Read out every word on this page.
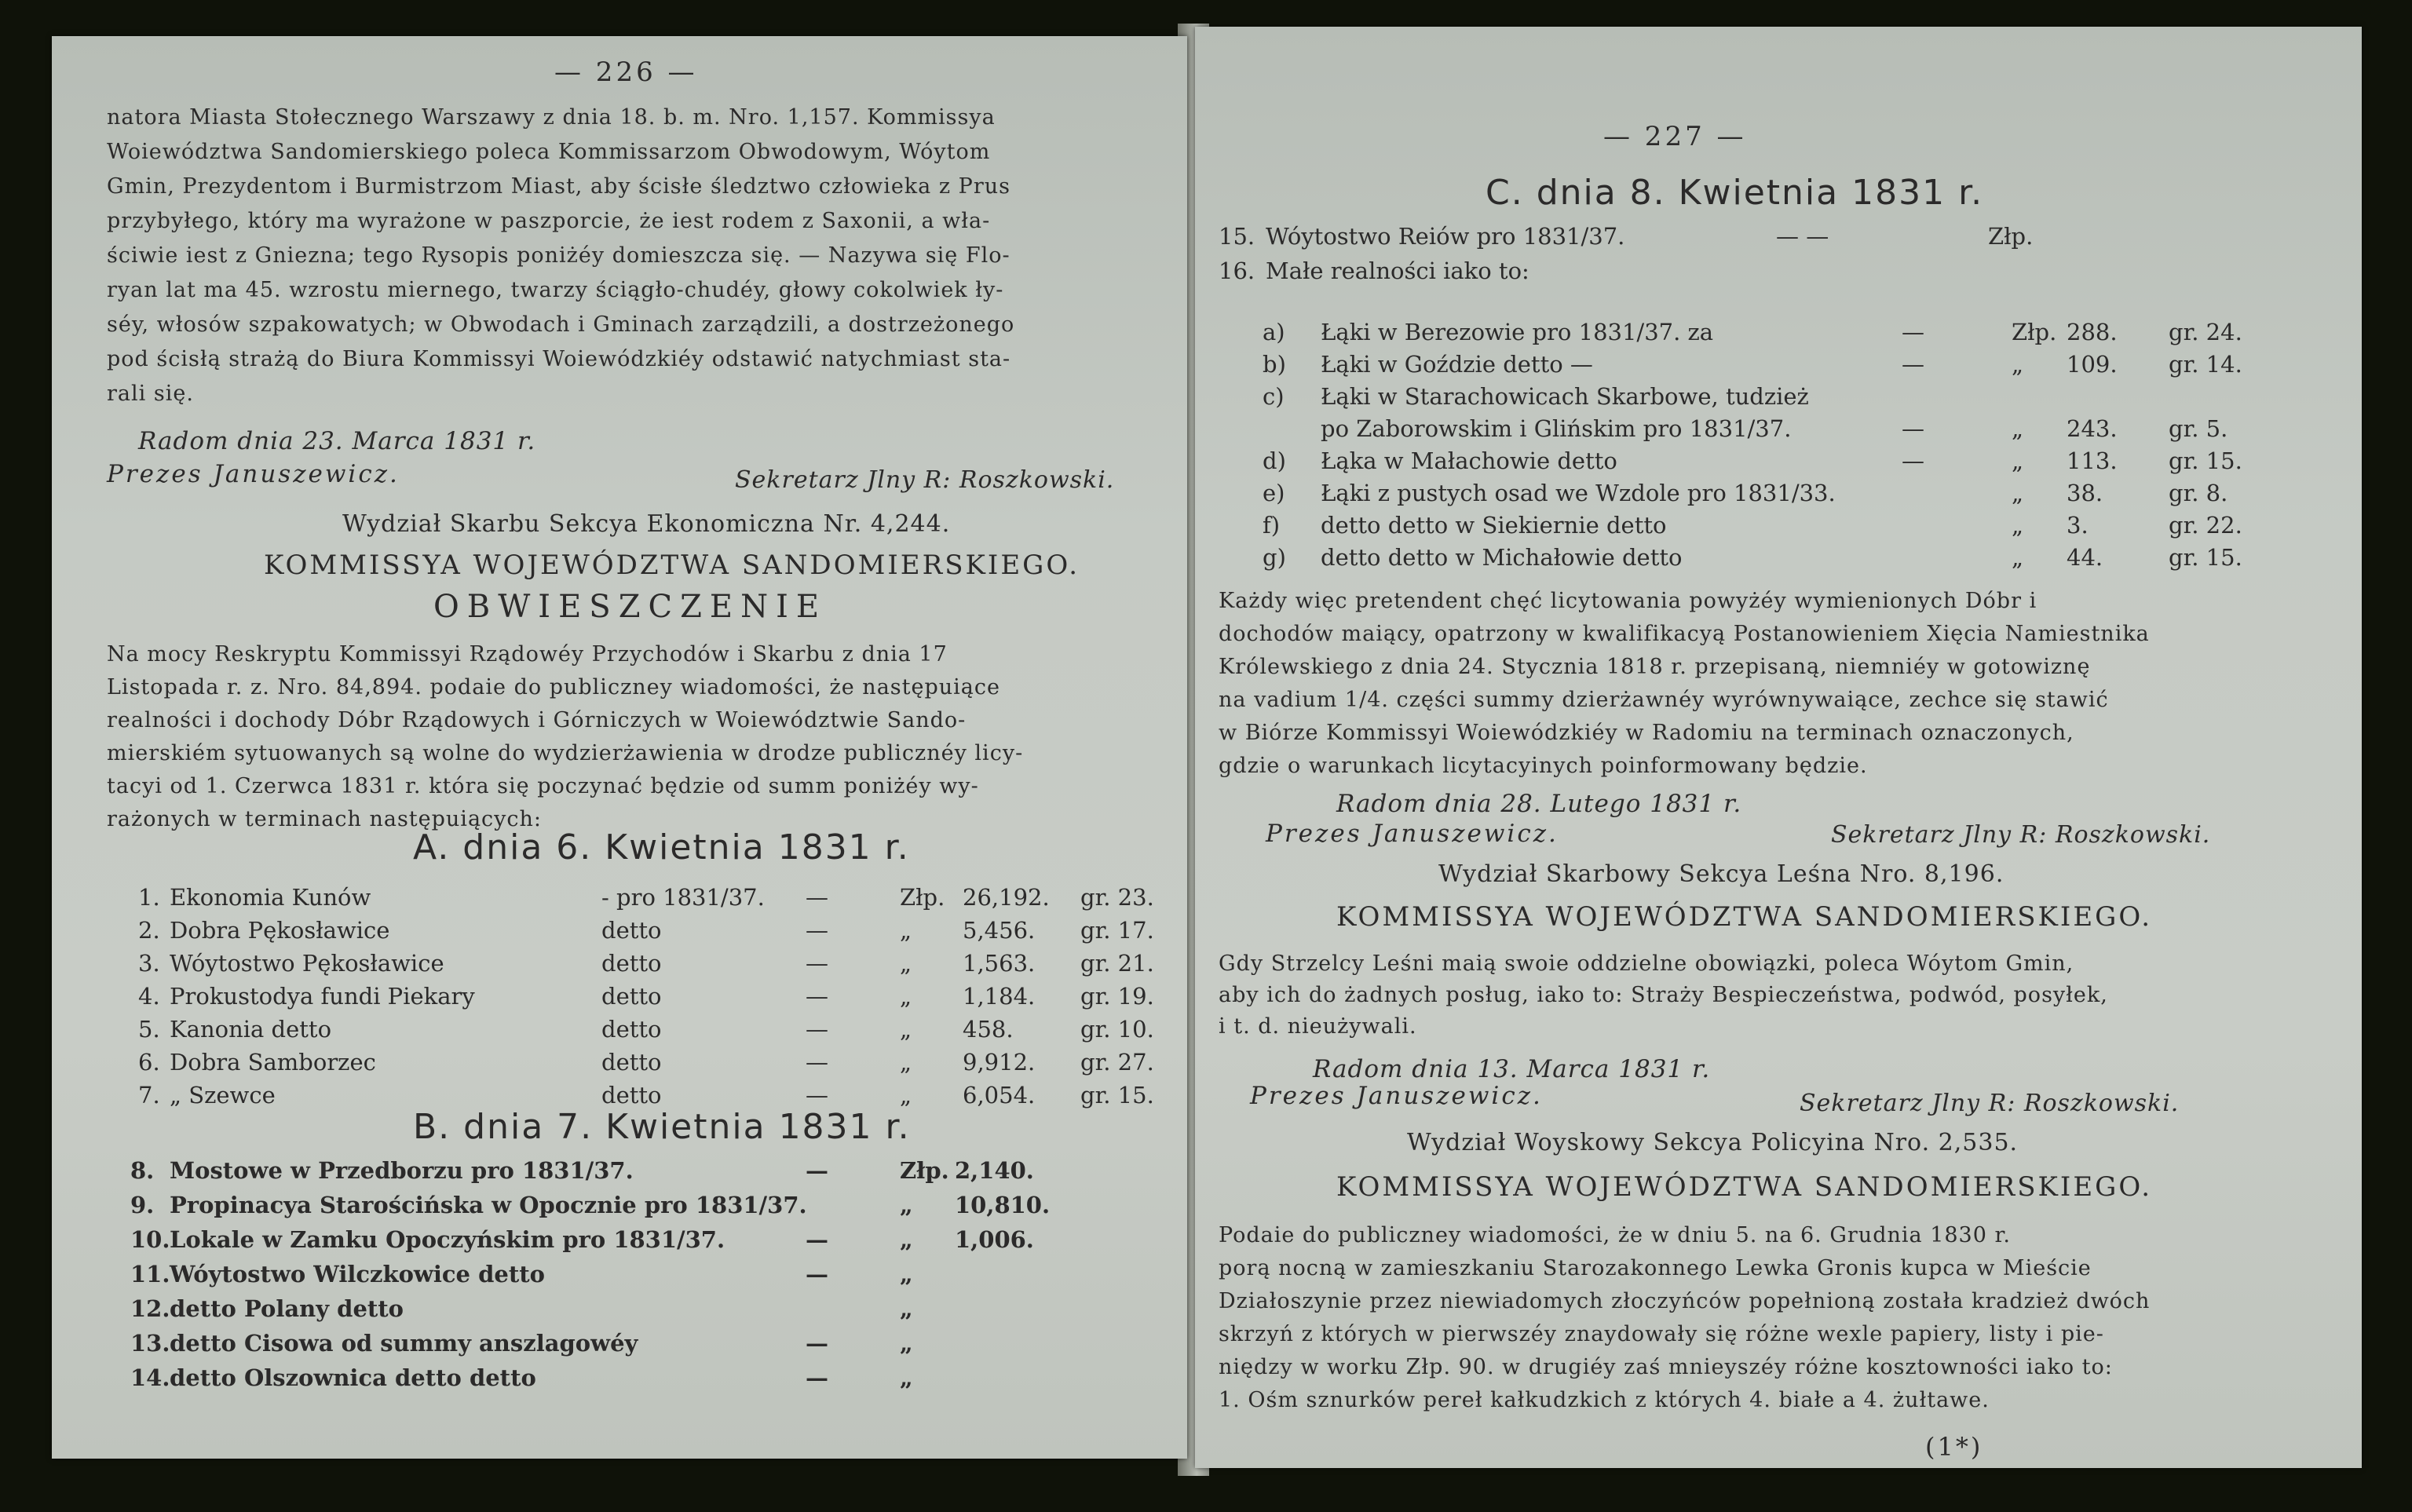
— 226 —
natora Miasta Stołecznego Warszawy z dnia 18. b. m. Nro. 1,157. Kommissya
Woiewództwa Sandomierskiego poleca Kommissarzom Obwodowym, Wóytom
Gmin, Prezydentom i Burmistrzom Miast, aby ścisłe śledztwo człowieka z Prus
przybyłego, który ma wyrażone w paszporcie, że iest rodem z Saxonii, a wła-
ściwie iest z Gniezna; tego Rysopis poniżéy domieszcza się. — Nazywa się Flo-
ryan lat ma 45. wzrostu miernego, twarzy ściągło-chudéy, głowy cokolwiek ły-
séy, włosów szpakowatych; w Obwodach i Gminach zarządzili, a dostrzeżonego
pod ścisłą strażą do Biura Kommissyi Woiewódzkiéy odstawić natychmiast sta-
rali się.
Radom dnia 23. Marca 1831 r.
Prezes Januszewicz.	Sekretarz Jlny R: Roszkowski.
Wydział Skarbu Sekcya Ekonomiczna Nr. 4,244.
KOMMISSYA WOJEWÓDZTWA SANDOMIERSKIEGO.
OBWIESZCZENIE
Na mocy Reskryptu Kommissyi Rządowéy Przychodów i Skarbu z dnia 17
Listopada r. z. Nro. 84,894. podaie do publiczney wiadomości, że następuiące
realności i dochody Dóbr Rządowych i Górniczych w Woiewództwie Sando-
mierskiém sytuowanych są wolne do wydzierżawienia w drodze publicznéy licy-
tacyi od 1. Czerwca 1831 r. która się poczynać będzie od summ poniżéy wy-
rażonych w terminach następuiących:
A. dnia 6. Kwietnia 1831 r.
1. Ekonomia Kunów	- pro 1831/37. —	Złp. 26,192. gr. 23.
2. Dobra Pękosławice	detto	—	„ 5,456. gr. 17.
3. Wóytostwo Pękosławice	detto	—	„ 1,563. gr. 21.
4. Prokustodya fundi Piekary	detto	—	„ 1,184. gr. 19.
5. Kanonia detto	detto	—	„ 458.	gr. 10.
6. Dobra Samborzec	detto	—	„ 9,912. gr. 27.
7. „ Szewce	detto	—	„ 6,054. gr. 15.
B. dnia 7. Kwietnia 1831 r.
8. Mostowe w Przedborzu pro 1831/37.	—	Złp. 2,140.
9. Propinacya Starościńska w Opocznie pro 1831/37.	„ 10,810.
10. Lokale w Zamku Opoczyńskim pro 1831/37.	—	„ 1,006.
11. Wóytostwo Wilczkowice detto	—	„
12. detto Polany detto	„
13. detto Cisowa od summy anszlagowéy	—	„
14. detto Olszownica detto detto	—	„
— 227 —
C. dnia 8. Kwietnia 1831 r.
15. Wóytostwo Reiów pro 1831/37.	— —	Złp.
16. Małe realności iako to:
a) Łąki w Berezowie pro 1831/37. za	—	Złp. 288. gr. 24.
b) Łąki w Goździe detto —	—	„ 109. gr. 14.
c) Łąki w Starachowicach Skarbowe, tudzież
po Zaborowskim i Glińskim pro 1831/37.	—	„ 243. gr. 5.
d) Łąka w Małachowie detto	—	„ 113. gr. 15.
e) Łąki z pustych osad we Wzdole pro 1831/33.	„ 38.	gr. 8.
f) detto detto w Siekiernie detto	„ 3.	gr. 22.
g) detto detto w Michałowie detto	„ 44.	gr. 15.
Każdy więc pretendent chęć licytowania powyżéy wymienionych Dóbr i
dochodów maiący, opatrzony w kwalifikacyą Postanowieniem Xięcia Namiestnika
Królewskiego z dnia 24. Stycznia 1818 r. przepisaną, niemniéy w gotowiznę
na vadium 1/4. części summy dzierżawnéy wyrównywaiące, zechce się stawić
w Biórze Kommissyi Woiewódzkiéy w Radomiu na terminach oznaczonych,
gdzie o warunkach licytacyinych poinformowany będzie.
Radom dnia 28. Lutego 1831 r.
Prezes Januszewicz.	Sekretarz Jlny R: Roszkowski.
Wydział Skarbowy Sekcya Leśna Nro. 8,196.
KOMMISSYA WOJEWÓDZTWA SANDOMIERSKIEGO.
Gdy Strzelcy Leśni maią swoie oddzielne obowiązki, poleca Wóytom Gmin,
aby ich do żadnych posług, iako to: Straży Bespieczeństwa, podwód, posyłek,
i t. d. nieużywali.
Radom dnia 13. Marca 1831 r.
Prezes Januszewicz.	Sekretarz Jlny R: Roszkowski.
Wydział Woyskowy Sekcya Policyina Nro. 2,535.
KOMMISSYA WOJEWÓDZTWA SANDOMIERSKIEGO.
Podaie do publiczney wiadomości, że w dniu 5. na 6. Grudnia 1830 r.
porą nocną w zamieszkaniu Starozakonnego Lewka Gronis kupca w Mieście
Działoszynie przez niewiadomych złoczyńców popełnioną została kradzież dwóch
skrzyń z których w pierwszéy znaydowały się różne wexle papiery, listy i pie-
niędzy w worku Złp. 90. w drugiéy zaś mnieyszéy różne kosztowności iako to:
1. Ośm sznurków pereł kałkudzkich z których 4. białe a 4. żułtawe.
(1*)
